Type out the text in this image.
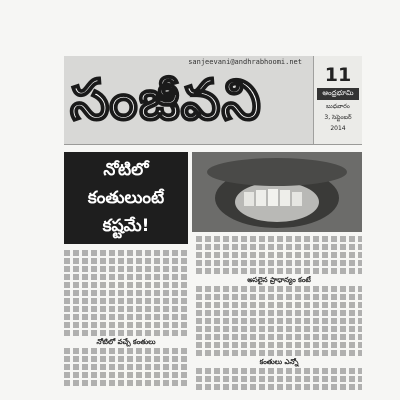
sanjeevani@andhrabhoomi.net
సంజీవని	11
ఆంధ్రభూమి
బుధవారం
3, సెప్టెంబర్
2014
నోటిలో
కంతులుంటే
కష్టమే!
అసలైన ప్రాధాన్యం కంటే
కంతులు ఎన్నో
నోటిలో వచ్చే కంతులు
